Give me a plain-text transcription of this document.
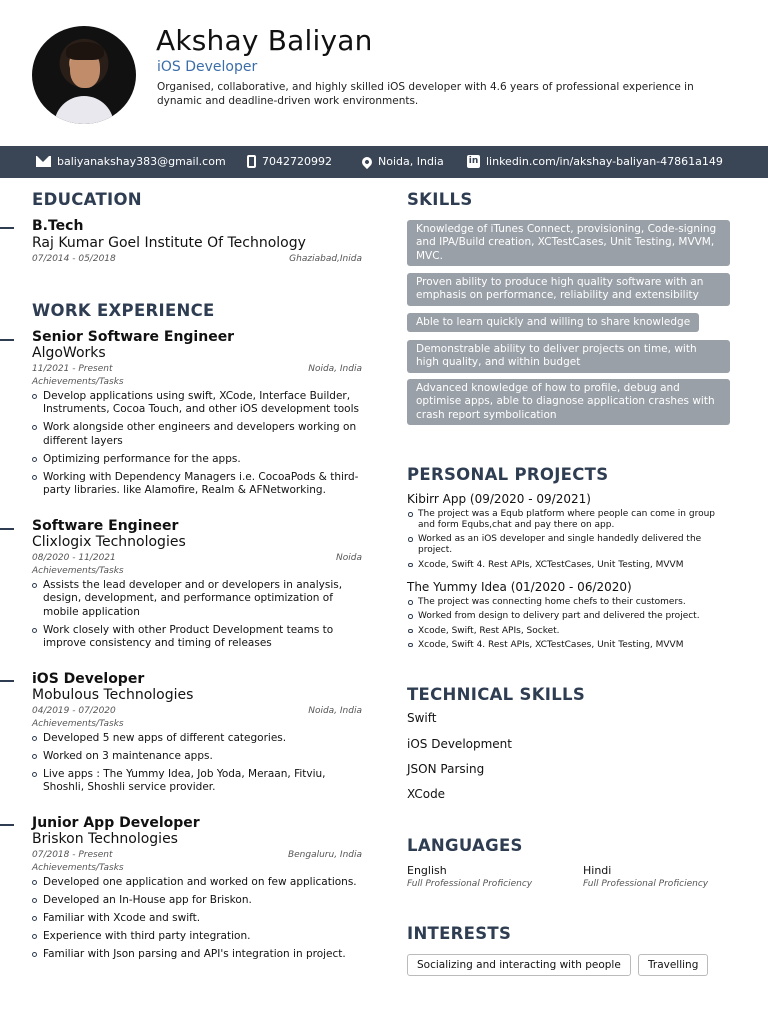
Akshay Baliyan
iOS Developer
Organised, collaborative, and highly skilled iOS developer with 4.6 years of professional experience in dynamic and deadline-driven work environments.
baliyanakshay383@gmail.com	7042720992	Noida, India	in linkedin.com/in/akshay-baliyan-47861a149
EDUCATION
B.Tech
Raj Kumar Goel Institute Of Technology
07/2014 - 05/2018	Ghaziabad,Inida
WORK EXPERIENCE
Senior Software Engineer
AlgoWorks
11/2021 - Present	Noida, India
Achievements/Tasks
Develop applications using swift, XCode, Interface Builder, Instruments, Cocoa Touch, and other iOS development tools
Work alongside other engineers and developers working on different layers
Optimizing performance for the apps.
Working with Dependency Managers i.e. CocoaPods & third-party libraries. like Alamofire, Realm & AFNetworking.
Software Engineer
Clixlogix Technologies
08/2020 - 11/2021	Noida
Achievements/Tasks
Assists the lead developer and or developers in analysis, design, development, and performance optimization of mobile application
Work closely with other Product Development teams to improve consistency and timing of releases
iOS Developer
Mobulous Technologies
04/2019 - 07/2020	Noida, India
Achievements/Tasks
Developed 5 new apps of different categories.
Worked on 3 maintenance apps.
Live apps : The Yummy Idea, Job Yoda, Meraan, Fitviu, Shoshli, Shoshli service provider.
Junior App Developer
Briskon Technologies
07/2018 - Present	Bengaluru, India
Achievements/Tasks
Developed one application and worked on few applications.
Developed an In-House app for Briskon.
Familiar with Xcode and swift.
Experience with third party integration.
Familiar with Json parsing and API's integration in project.
SKILLS
Knowledge of iTunes Connect, provisioning, Code-signing and IPA/Build creation, XCTestCases, Unit Testing, MVVM, MVC.
Proven ability to produce high quality software with an emphasis on performance, reliability and extensibility
Able to learn quickly and willing to share knowledge
Demonstrable ability to deliver projects on time, with high quality, and within budget
Advanced knowledge of how to profile, debug and optimise apps, able to diagnose application crashes with crash report symbolication
PERSONAL PROJECTS
Kibirr App (09/2020 - 09/2021)
The project was a Equb platform where people can come in group and form Equbs,chat and pay there on app.
Worked as an iOS developer and single handedly delivered the project.
Xcode, Swift 4. Rest APIs, XCTestCases, Unit Testing, MVVM
The Yummy Idea (01/2020 - 06/2020)
The project was connecting home chefs to their customers.
Worked from design to delivery part and delivered the project.
Xcode, Swift, Rest APIs, Socket.
Xcode, Swift 4. Rest APIs, XCTestCases, Unit Testing, MVVM
TECHNICAL SKILLS
Swift
iOS Development
JSON Parsing
XCode
LANGUAGES
English
Full Professional Proficiency
Hindi
Full Professional Proficiency
INTERESTS
Socializing and interacting with people	Travelling
